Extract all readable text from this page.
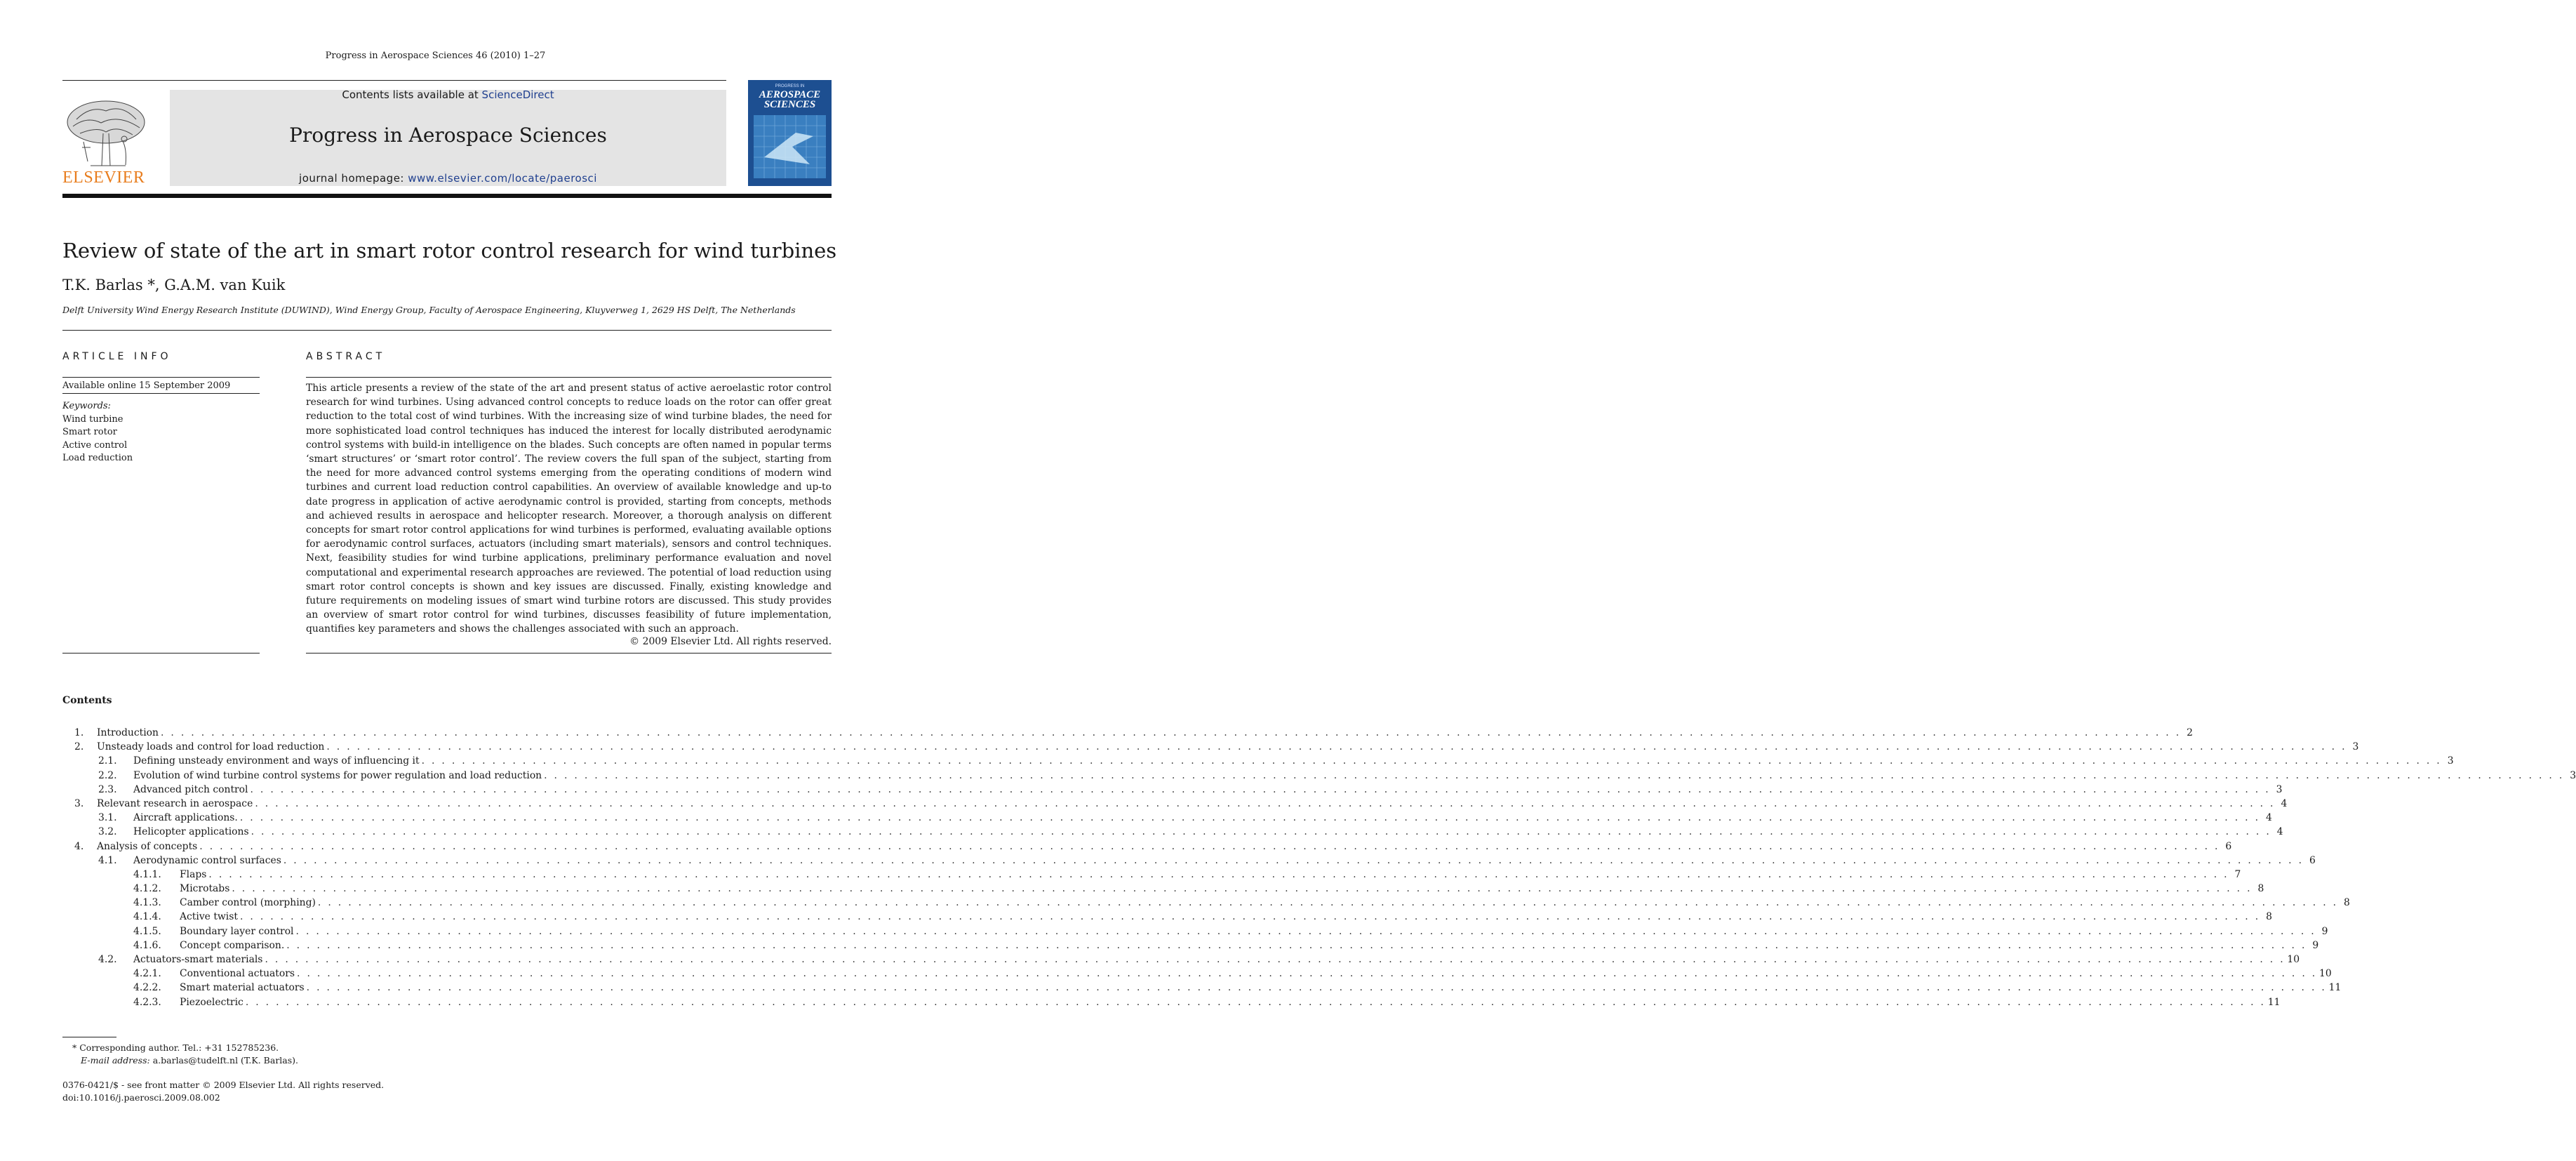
Progress in Aerospace Sciences 46 (2010) 1–27
ELSEVIER
Contents lists available at ScienceDirect
Progress in Aerospace Sciences
journal homepage: www.elsevier.com/locate/paerosci
PROGRESS IN
AEROSPACE
SCIENCES
Review of state of the art in smart rotor control research for wind turbines
T.K. Barlas *, G.A.M. van Kuik
Delft University Wind Energy Research Institute (DUWIND), Wind Energy Group, Faculty of Aerospace Engineering, Kluyverweg 1, 2629 HS Delft, The Netherlands
ARTICLE INFO	ABSTRACT
Available online 15 September 2009
Keywords:
Wind turbine
Smart rotor
Active control
Load reduction
This article presents a review of the state of the art and present status of active aeroelastic rotor control research for wind turbines. Using advanced control concepts to reduce loads on the rotor can offer great reduction to the total cost of wind turbines. With the increasing size of wind turbine blades, the need for more sophisticated load control techniques has induced the interest for locally distributed aerodynamic control systems with build-in intelligence on the blades. Such concepts are often named in popular terms ‘smart structures’ or ‘smart rotor control’. The review covers the full span of the subject, starting from the need for more advanced control systems emerging from the operating conditions of modern wind turbines and current load reduction control capabilities. An overview of available knowledge and up-to date progress in application of active aerodynamic control is provided, starting from concepts, methods and achieved results in aerospace and helicopter research. Moreover, a thorough analysis on different concepts for smart rotor control applications for wind turbines is performed, evaluating available options for aerodynamic control surfaces, actuators (including smart materials), sensors and control techniques. Next, feasibility studies for wind turbine applications, preliminary performance evaluation and novel computational and experimental research approaches are reviewed. The potential of load reduction using smart rotor control concepts is shown and key issues are discussed. Finally, existing knowledge and future requirements on modeling issues of smart wind turbine rotors are discussed. This study provides an overview of smart rotor control for wind turbines, discusses feasibility of future implementation, quantifies key parameters and shows the challenges associated with such an approach.
© 2009 Elsevier Ltd. All rights reserved.
Contents
1. Introduction . . . . . . . . . . . . . . . . . . . . . . . . . . . . . . . . . . . . . . . . . . . . . . . . . . . . . . . . . . . . . . . . . . . . . . . . . . . . . . . . . . . . . . . . . . . . . . . . . . . . . . . . . . . . . . . . . . . . . . . . . . . . . . . . . . . . . . . . . . . . . . . . . . . . . . . . . . . . . . . . . . . . . . . . . . . . . . . . . . . . . . . . . . . . . . . . . . . . . . . . 2
2. Unsteady loads and control for load reduction . . . . . . . . . . . . . . . . . . . . . . . . . . . . . . . . . . . . . . . . . . . . . . . . . . . . . . . . . . . . . . . . . . . . . . . . . . . . . . . . . . . . . . . . . . . . . . . . . . . . . . . . . . . . . . . . . . . . . . . . . . . . . . . . . . . . . . . . . . . . . . . . . . . . . . . . . . . . . . . . . . . . . . . . . . . . . . . . . . . . . . . . . . . . . . . . . . . . . . . . 3
2.1. Defining unsteady environment and ways of influencing it . . . . . . . . . . . . . . . . . . . . . . . . . . . . . . . . . . . . . . . . . . . . . . . . . . . . . . . . . . . . . . . . . . . . . . . . . . . . . . . . . . . . . . . . . . . . . . . . . . . . . . . . . . . . . . . . . . . . . . . . . . . . . . . . . . . . . . . . . . . . . . . . . . . . . . . . . . . . . . . . . . . . . . . . . . . . . . . . . . . . . . . . . . . . . . . . . . . . . . . . 3
2.2. Evolution of wind turbine control systems for power regulation and load reduction . . . . . . . . . . . . . . . . . . . . . . . . . . . . . . . . . . . . . . . . . . . . . . . . . . . . . . . . . . . . . . . . . . . . . . . . . . . . . . . . . . . . . . . . . . . . . . . . . . . . . . . . . . . . . . . . . . . . . . . . . . . . . . . . . . . . . . . . . . . . . . . . . . . . . . . . . . . . . . . . . . . . . . . . . . . . . . . . . . . . . . . . . . . . . . . . . . . . . . . . 3
2.3. Advanced pitch control . . . . . . . . . . . . . . . . . . . . . . . . . . . . . . . . . . . . . . . . . . . . . . . . . . . . . . . . . . . . . . . . . . . . . . . . . . . . . . . . . . . . . . . . . . . . . . . . . . . . . . . . . . . . . . . . . . . . . . . . . . . . . . . . . . . . . . . . . . . . . . . . . . . . . . . . . . . . . . . . . . . . . . . . . . . . . . . . . . . . . . . . . . . . . . . . . . . . . . . . 3
3. Relevant research in aerospace . . . . . . . . . . . . . . . . . . . . . . . . . . . . . . . . . . . . . . . . . . . . . . . . . . . . . . . . . . . . . . . . . . . . . . . . . . . . . . . . . . . . . . . . . . . . . . . . . . . . . . . . . . . . . . . . . . . . . . . . . . . . . . . . . . . . . . . . . . . . . . . . . . . . . . . . . . . . . . . . . . . . . . . . . . . . . . . . . . . . . . . . . . . . . . . . . . . . . . . . 4
3.1. Aircraft applications. . . . . . . . . . . . . . . . . . . . . . . . . . . . . . . . . . . . . . . . . . . . . . . . . . . . . . . . . . . . . . . . . . . . . . . . . . . . . . . . . . . . . . . . . . . . . . . . . . . . . . . . . . . . . . . . . . . . . . . . . . . . . . . . . . . . . . . . . . . . . . . . . . . . . . . . . . . . . . . . . . . . . . . . . . . . . . . . . . . . . . . . . . . . . . . . . . . . . . . . . 4
3.2. Helicopter applications . . . . . . . . . . . . . . . . . . . . . . . . . . . . . . . . . . . . . . . . . . . . . . . . . . . . . . . . . . . . . . . . . . . . . . . . . . . . . . . . . . . . . . . . . . . . . . . . . . . . . . . . . . . . . . . . . . . . . . . . . . . . . . . . . . . . . . . . . . . . . . . . . . . . . . . . . . . . . . . . . . . . . . . . . . . . . . . . . . . . . . . . . . . . . . . . . . . . . . . . 4
4. Analysis of concepts . . . . . . . . . . . . . . . . . . . . . . . . . . . . . . . . . . . . . . . . . . . . . . . . . . . . . . . . . . . . . . . . . . . . . . . . . . . . . . . . . . . . . . . . . . . . . . . . . . . . . . . . . . . . . . . . . . . . . . . . . . . . . . . . . . . . . . . . . . . . . . . . . . . . . . . . . . . . . . . . . . . . . . . . . . . . . . . . . . . . . . . . . . . . . . . . . . . . . . . . 6
4.1. Aerodynamic control surfaces . . . . . . . . . . . . . . . . . . . . . . . . . . . . . . . . . . . . . . . . . . . . . . . . . . . . . . . . . . . . . . . . . . . . . . . . . . . . . . . . . . . . . . . . . . . . . . . . . . . . . . . . . . . . . . . . . . . . . . . . . . . . . . . . . . . . . . . . . . . . . . . . . . . . . . . . . . . . . . . . . . . . . . . . . . . . . . . . . . . . . . . . . . . . . . . . . . . . . . . . 6
4.1.1. Flaps . . . . . . . . . . . . . . . . . . . . . . . . . . . . . . . . . . . . . . . . . . . . . . . . . . . . . . . . . . . . . . . . . . . . . . . . . . . . . . . . . . . . . . . . . . . . . . . . . . . . . . . . . . . . . . . . . . . . . . . . . . . . . . . . . . . . . . . . . . . . . . . . . . . . . . . . . . . . . . . . . . . . . . . . . . . . . . . . . . . . . . . . . . . . . . . . . . . . . . . . 7
4.1.2. Microtabs . . . . . . . . . . . . . . . . . . . . . . . . . . . . . . . . . . . . . . . . . . . . . . . . . . . . . . . . . . . . . . . . . . . . . . . . . . . . . . . . . . . . . . . . . . . . . . . . . . . . . . . . . . . . . . . . . . . . . . . . . . . . . . . . . . . . . . . . . . . . . . . . . . . . . . . . . . . . . . . . . . . . . . . . . . . . . . . . . . . . . . . . . . . . . . . . . . . . . . . . 8
4.1.3. Camber control (morphing) . . . . . . . . . . . . . . . . . . . . . . . . . . . . . . . . . . . . . . . . . . . . . . . . . . . . . . . . . . . . . . . . . . . . . . . . . . . . . . . . . . . . . . . . . . . . . . . . . . . . . . . . . . . . . . . . . . . . . . . . . . . . . . . . . . . . . . . . . . . . . . . . . . . . . . . . . . . . . . . . . . . . . . . . . . . . . . . . . . . . . . . . . . . . . . . . . . . . . . . . 8
4.1.4. Active twist . . . . . . . . . . . . . . . . . . . . . . . . . . . . . . . . . . . . . . . . . . . . . . . . . . . . . . . . . . . . . . . . . . . . . . . . . . . . . . . . . . . . . . . . . . . . . . . . . . . . . . . . . . . . . . . . . . . . . . . . . . . . . . . . . . . . . . . . . . . . . . . . . . . . . . . . . . . . . . . . . . . . . . . . . . . . . . . . . . . . . . . . . . . . . . . . . . . . . . . . 8
4.1.5. Boundary layer control . . . . . . . . . . . . . . . . . . . . . . . . . . . . . . . . . . . . . . . . . . . . . . . . . . . . . . . . . . . . . . . . . . . . . . . . . . . . . . . . . . . . . . . . . . . . . . . . . . . . . . . . . . . . . . . . . . . . . . . . . . . . . . . . . . . . . . . . . . . . . . . . . . . . . . . . . . . . . . . . . . . . . . . . . . . . . . . . . . . . . . . . . . . . . . . . . . . . . . . . 9
4.1.6. Concept comparison. . . . . . . . . . . . . . . . . . . . . . . . . . . . . . . . . . . . . . . . . . . . . . . . . . . . . . . . . . . . . . . . . . . . . . . . . . . . . . . . . . . . . . . . . . . . . . . . . . . . . . . . . . . . . . . . . . . . . . . . . . . . . . . . . . . . . . . . . . . . . . . . . . . . . . . . . . . . . . . . . . . . . . . . . . . . . . . . . . . . . . . . . . . . . . . . . . . . . . . . . 9
4.2. Actuators-smart materials . . . . . . . . . . . . . . . . . . . . . . . . . . . . . . . . . . . . . . . . . . . . . . . . . . . . . . . . . . . . . . . . . . . . . . . . . . . . . . . . . . . . . . . . . . . . . . . . . . . . . . . . . . . . . . . . . . . . . . . . . . . . . . . . . . . . . . . . . . . . . . . . . . . . . . . . . . . . . . . . . . . . . . . . . . . . . . . . . . . . . . . . . . . . . . . . . . . . . . . . 10
4.2.1. Conventional actuators . . . . . . . . . . . . . . . . . . . . . . . . . . . . . . . . . . . . . . . . . . . . . . . . . . . . . . . . . . . . . . . . . . . . . . . . . . . . . . . . . . . . . . . . . . . . . . . . . . . . . . . . . . . . . . . . . . . . . . . . . . . . . . . . . . . . . . . . . . . . . . . . . . . . . . . . . . . . . . . . . . . . . . . . . . . . . . . . . . . . . . . . . . . . . . . . . . . . . . . . 10
4.2.2. Smart material actuators . . . . . . . . . . . . . . . . . . . . . . . . . . . . . . . . . . . . . . . . . . . . . . . . . . . . . . . . . . . . . . . . . . . . . . . . . . . . . . . . . . . . . . . . . . . . . . . . . . . . . . . . . . . . . . . . . . . . . . . . . . . . . . . . . . . . . . . . . . . . . . . . . . . . . . . . . . . . . . . . . . . . . . . . . . . . . . . . . . . . . . . . . . . . . . . . . . . . . . . . 11
4.2.3. Piezoelectric . . . . . . . . . . . . . . . . . . . . . . . . . . . . . . . . . . . . . . . . . . . . . . . . . . . . . . . . . . . . . . . . . . . . . . . . . . . . . . . . . . . . . . . . . . . . . . . . . . . . . . . . . . . . . . . . . . . . . . . . . . . . . . . . . . . . . . . . . . . . . . . . . . . . . . . . . . . . . . . . . . . . . . . . . . . . . . . . . . . . . . . . . . . . . . . . . . . . . . . . 11
* Corresponding author. Tel.: +31 152785236.
E-mail address: a.barlas@tudelft.nl (T.K. Barlas).
0376-0421/$ - see front matter © 2009 Elsevier Ltd. All rights reserved.
doi:10.1016/j.paerosci.2009.08.002
